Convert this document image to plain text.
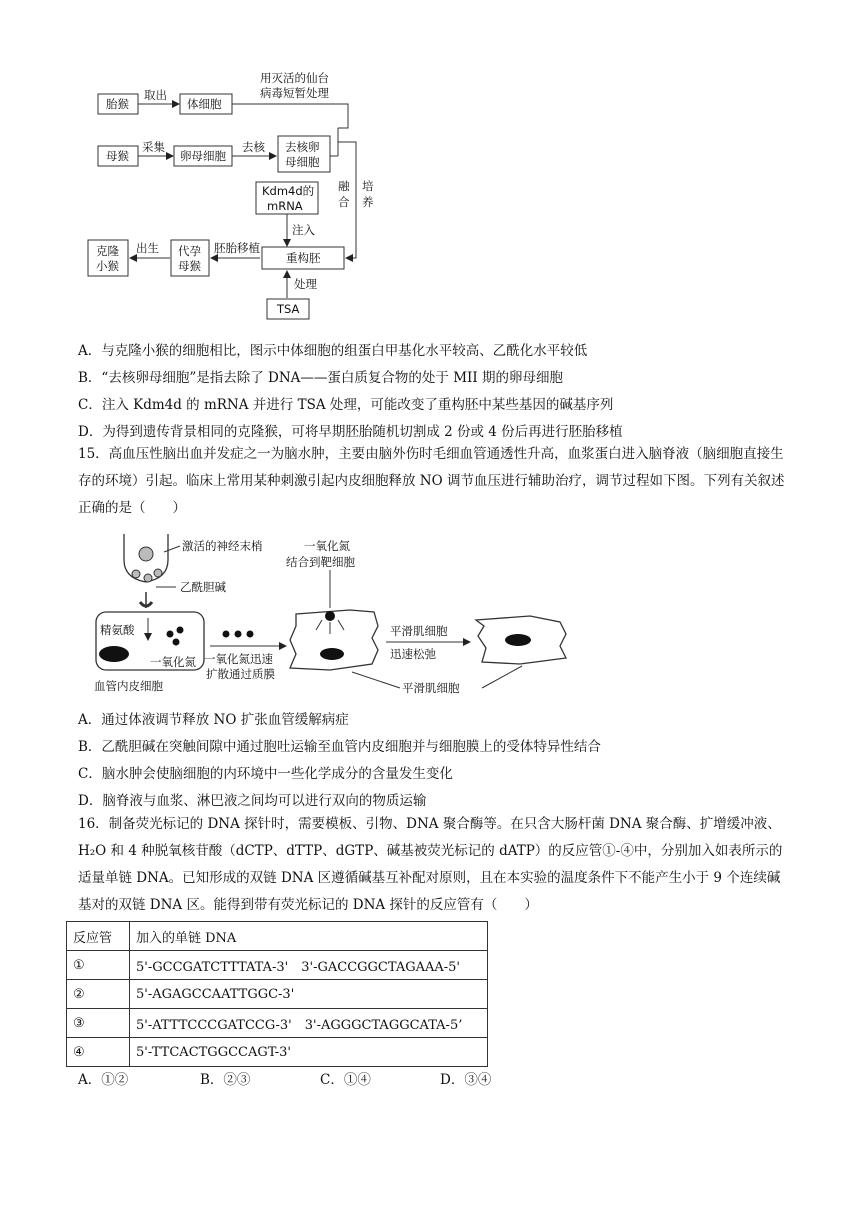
胎猴
取出
体细胞
用灭活的仙台
病毒短暂处理
母猴
采集
卵母细胞
去核 去核卵
母细胞
融
合
培
养
Kdm4d的
mRNA
注入
克隆
小猴
出生 代孕
母猴
胚胎移植
重构胚
处理
TSA
A．与克隆小猴的细胞相比，图示中体细胞的组蛋白甲基化水平较高、乙酰化水平较低
B．“去核卵母细胞”是指去除了 DNA——蛋白质复合物的处于 MII 期的卵母细胞
C．注入 Kdm4d 的 mRNA 并进行 TSA 处理，可能改变了重构胚中某些基因的碱基序列
D．为得到遗传背景相同的克隆猴，可将早期胚胎随机切割成 2 份或 4 份后再进行胚胎移植
15．高血压性脑出血并发症之一为脑水肿，主要由脑外伤时毛细血管通透性升高，血浆蛋白进入脑脊液（脑细胞直接生存的环境）引起。临床上常用某种刺激引起内皮细胞释放 NO 调节血压进行辅助治疗，调节过程如下图。下列有关叙述正确的是（　　）
激活的神经末梢
乙酰胆碱
精氨酸
一氧化氮
血管内皮细胞
一氧化氮迅速
扩散通过质膜
一氧化氮
结合到靶细胞
平滑肌细胞
迅速松弛
平滑肌细胞
A．通过体液调节释放 NO 扩张血管缓解病症
B．乙酰胆碱在突触间隙中通过胞吐运输至血管内皮细胞并与细胞膜上的受体特异性结合
C．脑水肿会使脑细胞的内环境中一些化学成分的含量发生变化
D．脑脊液与血浆、淋巴液之间均可以进行双向的物质运输
16．制备荧光标记的 DNA 探针时，需要模板、引物、DNA 聚合酶等。在只含大肠杆菌 DNA 聚合酶、扩增缓冲液、H₂O 和 4 种脱氧核苷酸（dCTP、dTTP、dGTP、碱基被荧光标记的 dATP）的反应管①-④中，分别加入如表所示的适量单链 DNA。已知形成的双链 DNA 区遵循碱基互补配对原则，且在本实验的温度条件下不能产生小于 9 个连续碱基对的双链 DNA 区。能得到带有荧光标记的 DNA 探针的反应管有（　　）
反应管	加入的单链 DNA
①	5'-GCCGATCTTTATA-3'　3'-GACCGGCTAGAAA-5'
②	5'-AGAGCCAATTGGC-3'
③	5'-ATTTCCCGATCCG-3'　3'-AGGGCTAGGCATA-5’
④	5'-TTCACTGGCCAGT-3'
A．①②	B．②③	C．①④	D．③④
